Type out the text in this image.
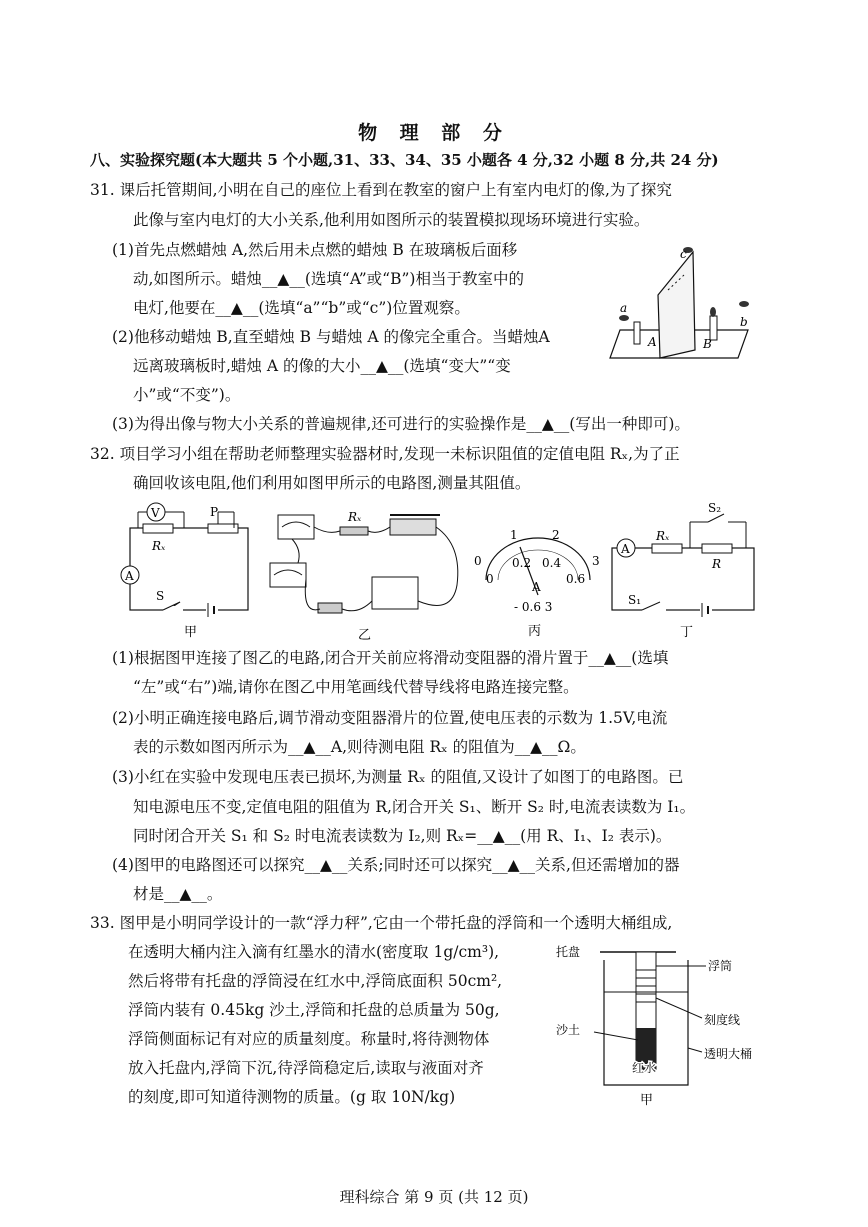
物 理 部 分
八、实验探究题(本大题共 5 个小题,31、33、34、35 小题各 4 分,32 小题 8 分,共 24 分)
31. 课后托管期间,小明在自己的座位上看到在教室的窗户上有室内电灯的像,为了探究
此像与室内电灯的大小关系,他利用如图所示的装置模拟现场环境进行实验。
(1)首先点燃蜡烛 A,然后用未点燃的蜡烛 B 在玻璃板后面移
动,如图所示。蜡烛__▲__(选填“A”或“B”)相当于教室中的
电灯,他要在__▲__(选填“a”“b”或“c”)位置观察。
(2)他移动蜡烛 B,直至蜡烛 B 与蜡烛 A 的像完全重合。当蜡烛A
远离玻璃板时,蜡烛 A 的像的大小__▲__(选填“变大”“变
小”或“不变”)。
(3)为得出像与物大小关系的普遍规律,还可进行的实验操作是__▲__(写出一种即可)。
a
b
c
A	B
32. 项目学习小组在帮助老师整理实验器材时,发现一未标识阻值的定值电阻 Rₓ,为了正
确回收该电阻,他们利用如图甲所示的电路图,测量其阻值。
V	P
Rₓ
A
S
甲
Rₓ
乙
0
1	2
3
0
0.2 0.4
0.6
A
- 0.6 3
丙
A
Rₓ
R
S₂
S₁
丁
(1)根据图甲连接了图乙的电路,闭合开关前应将滑动变阻器的滑片置于__▲__(选填
“左”或“右”)端,请你在图乙中用笔画线代替导线将电路连接完整。
(2)小明正确连接电路后,调节滑动变阻器滑片的位置,使电压表的示数为 1.5V,电流
表的示数如图丙所示为__▲__A,则待测电阻 Rₓ 的阻值为__▲__Ω。
(3)小红在实验中发现电压表已损坏,为测量 Rₓ 的阻值,又设计了如图丁的电路图。已
知电源电压不变,定值电阻的阻值为 R,闭合开关 S₁、断开 S₂ 时,电流表读数为 I₁。
同时闭合开关 S₁ 和 S₂ 时电流表读数为 I₂,则 Rₓ=__▲__(用 R、I₁、I₂ 表示)。
(4)图甲的电路图还可以探究__▲__关系;同时还可以探究__▲__关系,但还需增加的器
材是__▲__。
33. 图甲是小明同学设计的一款“浮力秤”,它由一个带托盘的浮筒和一个透明大桶组成,
在透明大桶内注入滴有红墨水的清水(密度取 1g/cm³),
然后将带有托盘的浮筒浸在红水中,浮筒底面积 50cm²,
浮筒内装有 0.45kg 沙土,浮筒和托盘的总质量为 50g,
浮筒侧面标记有对应的质量刻度。称量时,将待测物体
放入托盘内,浮筒下沉,待浮筒稳定后,读取与液面对齐
的刻度,即可知道待测物的质量。(g 取 10N/kg)
托盘
浮筒
刻度线
沙土
透明大桶
红水
甲
理科综合 第 9 页 (共 12 页)
